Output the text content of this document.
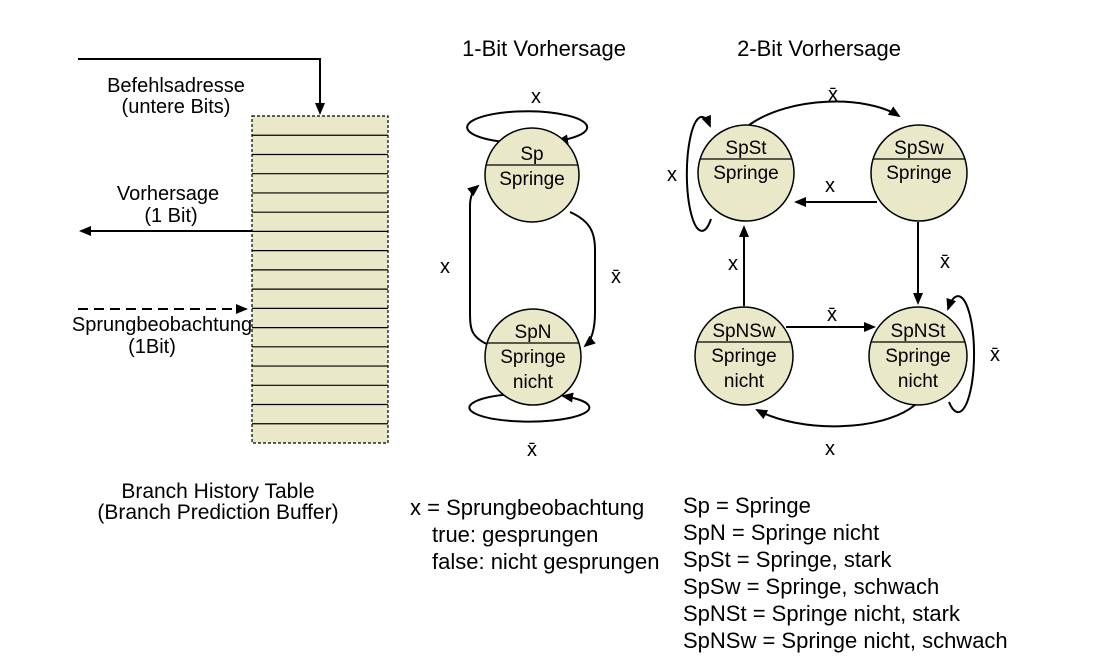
Befehlsadresse
(untere Bits)
Vorhersage
(1 Bit)
Sprungbeobachtung
(1Bit)
Branch History Table
(Branch Prediction Buffer)
1-Bit Vorhersage
Sp
Springe
SpN
Springe
nicht
x
x	x̄
x̄
x = Sprungbeobachtung
true: gesprungen
false: nicht gesprungen
2-Bit Vorhersage
SpSt
Springe
SpSw
Springe
SpNSw
Springe
nicht
SpNSt
Springe
nicht
x
x̄
x
x	x̄
x̄
x̄
x
Sp = Springe
SpN = Springe nicht
SpSt = Springe, stark
SpSw = Springe, schwach
SpNSt = Springe nicht, stark
SpNSw = Springe nicht, schwach
